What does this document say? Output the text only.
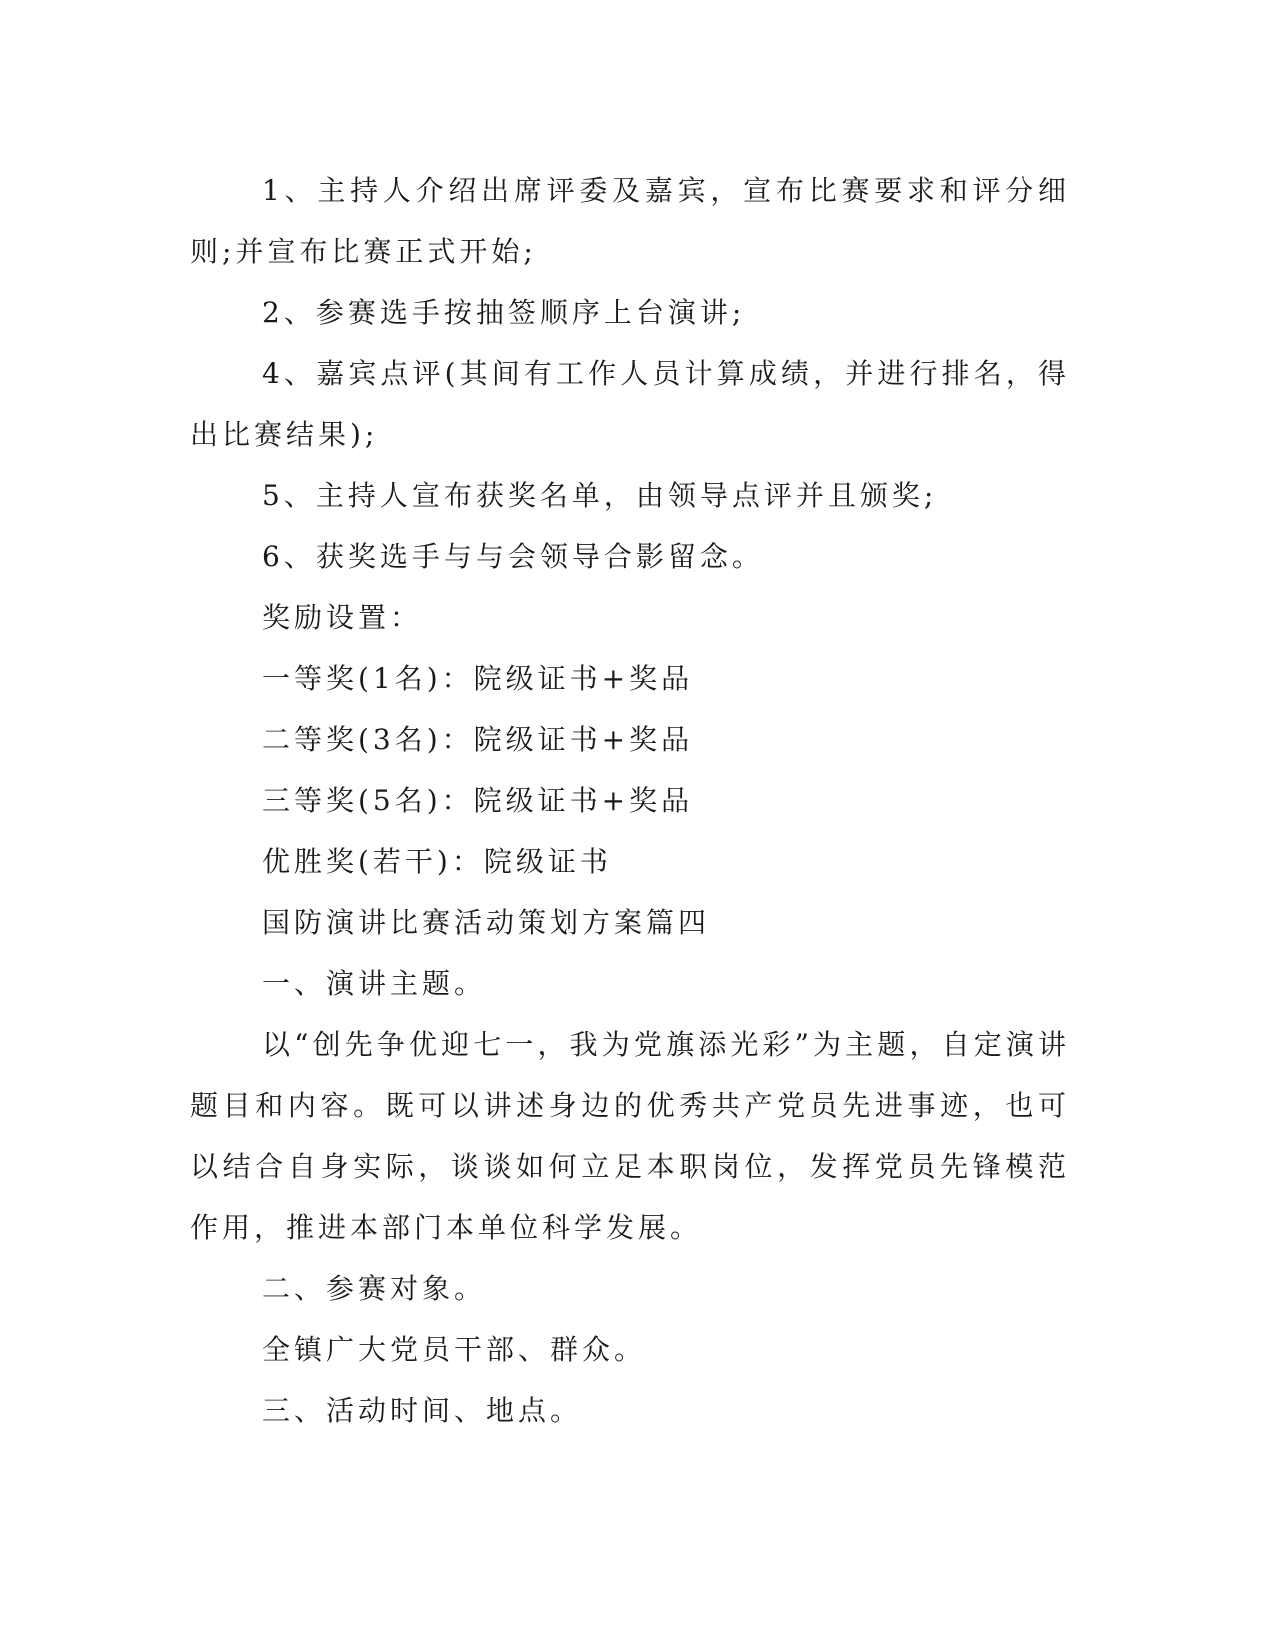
1、主持人介绍出席评委及嘉宾，宣布比赛要求和评分细则;并宣布比赛正式开始;

2、参赛选手按抽签顺序上台演讲;

4、嘉宾点评(其间有工作人员计算成绩，并进行排名，得出比赛结果);

5、主持人宣布获奖名单，由领导点评并且颁奖;

6、获奖选手与与会领导合影留念。

奖励设置：

一等奖(1名)：院级证书+奖品

二等奖(3名)：院级证书+奖品

三等奖(5名)：院级证书+奖品

优胜奖(若干)：院级证书

国防演讲比赛活动策划方案篇四

一、演讲主题。

以“创先争优迎七一，我为党旗添光彩”为主题，自定演讲题目和内容。既可以讲述身边的优秀共产党员先进事迹，也可以结合自身实际，谈谈如何立足本职岗位，发挥党员先锋模范作用，推进本部门本单位科学发展。

二、参赛对象。

全镇广大党员干部、群众。

三、活动时间、地点。
